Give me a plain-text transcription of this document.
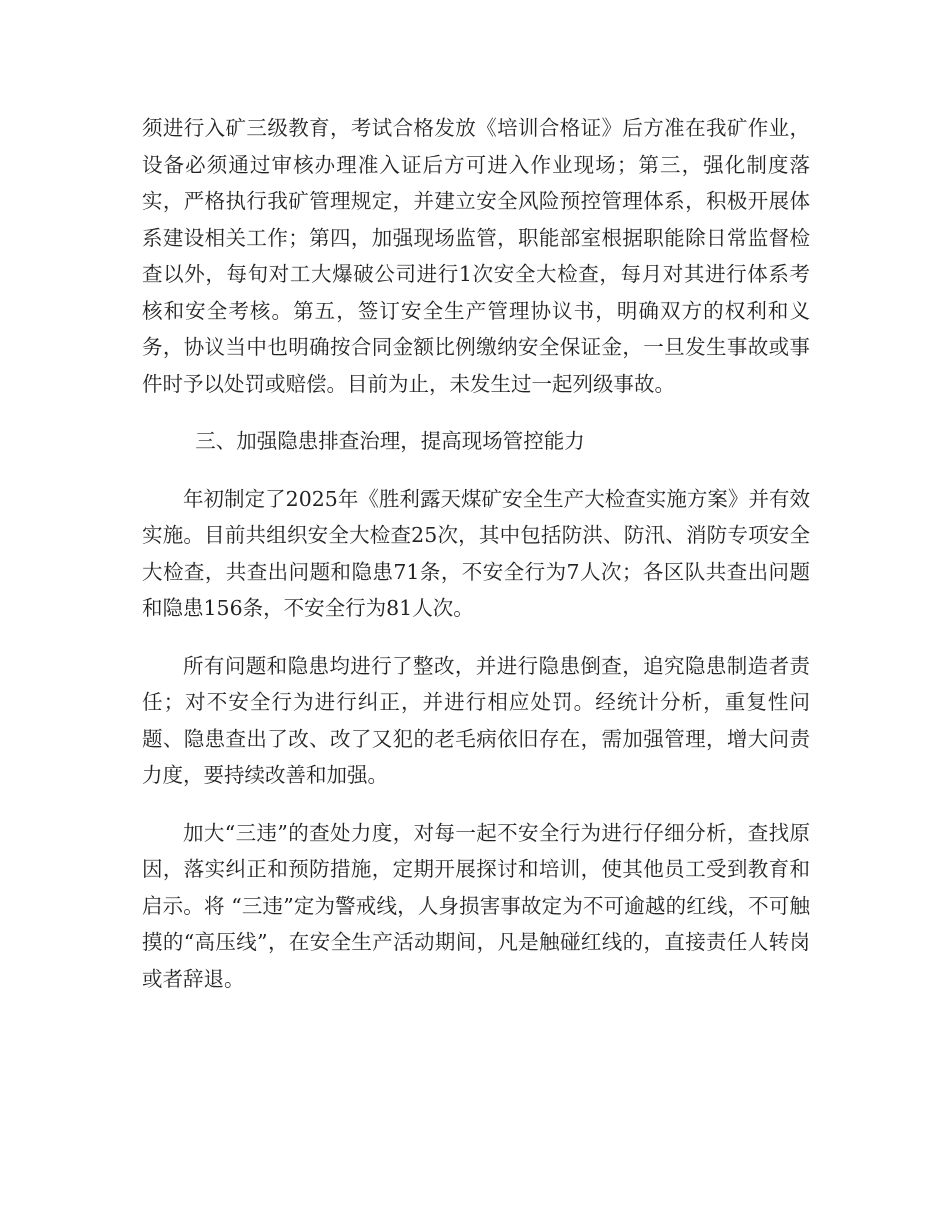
须进行入矿三级教育，考试合格发放《培训合格证》后方准在我矿作业，设备必须通过审核办理准入证后方可进入作业现场；第三，强化制度落实，严格执行我矿管理规定，并建立安全风险预控管理体系，积极开展体系建设相关工作；第四，加强现场监管，职能部室根据职能除日常监督检查以外，每旬对工大爆破公司进行1次安全大检查，每月对其进行体系考核和安全考核。第五，签订安全生产管理协议书，明确双方的权利和义务，协议当中也明确按合同金额比例缴纳安全保证金，一旦发生事故或事件时予以处罚或赔偿。目前为止，未发生过一起列级事故。

三、加强隐患排查治理，提高现场管控能力

年初制定了2025年《胜利露天煤矿安全生产大检查实施方案》并有效实施。目前共组织安全大检查25次，其中包括防洪、防汛、消防专项安全大检查，共查出问题和隐患71条，不安全行为7人次；各区队共查出问题和隐患156条，不安全行为81人次。

所有问题和隐患均进行了整改，并进行隐患倒查，追究隐患制造者责任；对不安全行为进行纠正，并进行相应处罚。经统计分析，重复性问题、隐患查出了改、改了又犯的老毛病依旧存在，需加强管理，增大问责力度，要持续改善和加强。

加大“三违”的查处力度，对每一起不安全行为进行仔细分析，查找原因，落实纠正和预防措施，定期开展探讨和培训，使其他员工受到教育和启示。将 “三违”定为警戒线，人身损害事故定为不可逾越的红线，不可触摸的“高压线”，在安全生产活动期间，凡是触碰红线的，直接责任人转岗或者辞退。
